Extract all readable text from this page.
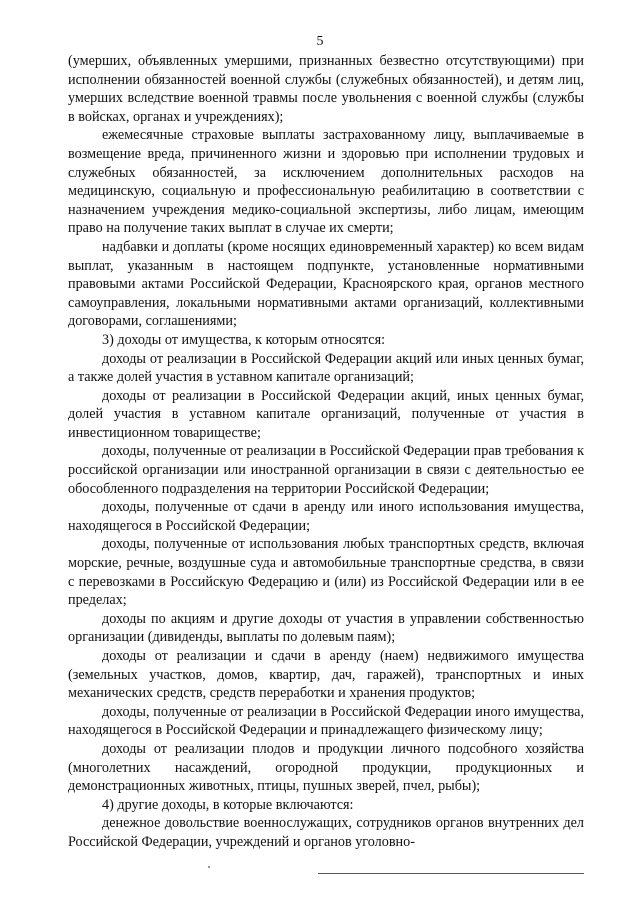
5

(умерших, объявленных умершими, признанных безвестно отсутствующими) при исполнении обязанностей военной службы (служебных обязанностей), и детям лиц, умерших вследствие военной травмы после увольнения с военной службы (службы в войсках, органах и учреждениях);

ежемесячные страховые выплаты застрахованному лицу, выплачиваемые в возмещение вреда, причиненного жизни и здоровью при исполнении трудовых и служебных обязанностей, за исключением дополнительных расходов на медицинскую, социальную и профессиональную реабилитацию в соответствии с назначением учреждения медико-социальной экспертизы, либо лицам, имеющим право на получение таких выплат в случае их смерти;

надбавки и доплаты (кроме носящих единовременный характер) ко всем видам выплат, указанным в настоящем подпункте, установленные нормативными правовыми актами Российской Федерации, Красноярского края, органов местного самоуправления, локальными нормативными актами организаций, коллективными договорами, соглашениями;

3) доходы от имущества, к которым относятся:

доходы от реализации в Российской Федерации акций или иных ценных бумаг, а также долей участия в уставном капитале организаций;

доходы от реализации в Российской Федерации акций, иных ценных бумаг, долей участия в уставном капитале организаций, полученные от участия в инвестиционном товариществе;

доходы, полученные от реализации в Российской Федерации прав требования к российской организации или иностранной организации в связи с деятельностью ее обособленного подразделения на территории Российской Федерации;

доходы, полученные от сдачи в аренду или иного использования имущества, находящегося в Российской Федерации;

доходы, полученные от использования любых транспортных средств, включая морские, речные, воздушные суда и автомобильные транспортные средства, в связи с перевозками в Российскую Федерацию и (или) из Российской Федерации или в ее пределах;

доходы по акциям и другие доходы от участия в управлении собственностью организации (дивиденды, выплаты по долевым паям);

доходы от реализации и сдачи в аренду (наем) недвижимого имущества (земельных участков, домов, квартир, дач, гаражей), транспортных и иных механических средств, средств переработки и хранения продуктов;

доходы, полученные от реализации в Российской Федерации иного имущества, находящегося в Российской Федерации и принадлежащего физическому лицу;

доходы от реализации плодов и продукции личного подсобного хозяйства (многолетних насаждений, огородной продукции, продукционных и демонстрационных животных, птицы, пушных зверей, пчел, рыбы);

4) другие доходы, в которые включаются:

денежное довольствие военнослужащих, сотрудников органов внутренних дел Российской Федерации, учреждений и органов уголовно-
